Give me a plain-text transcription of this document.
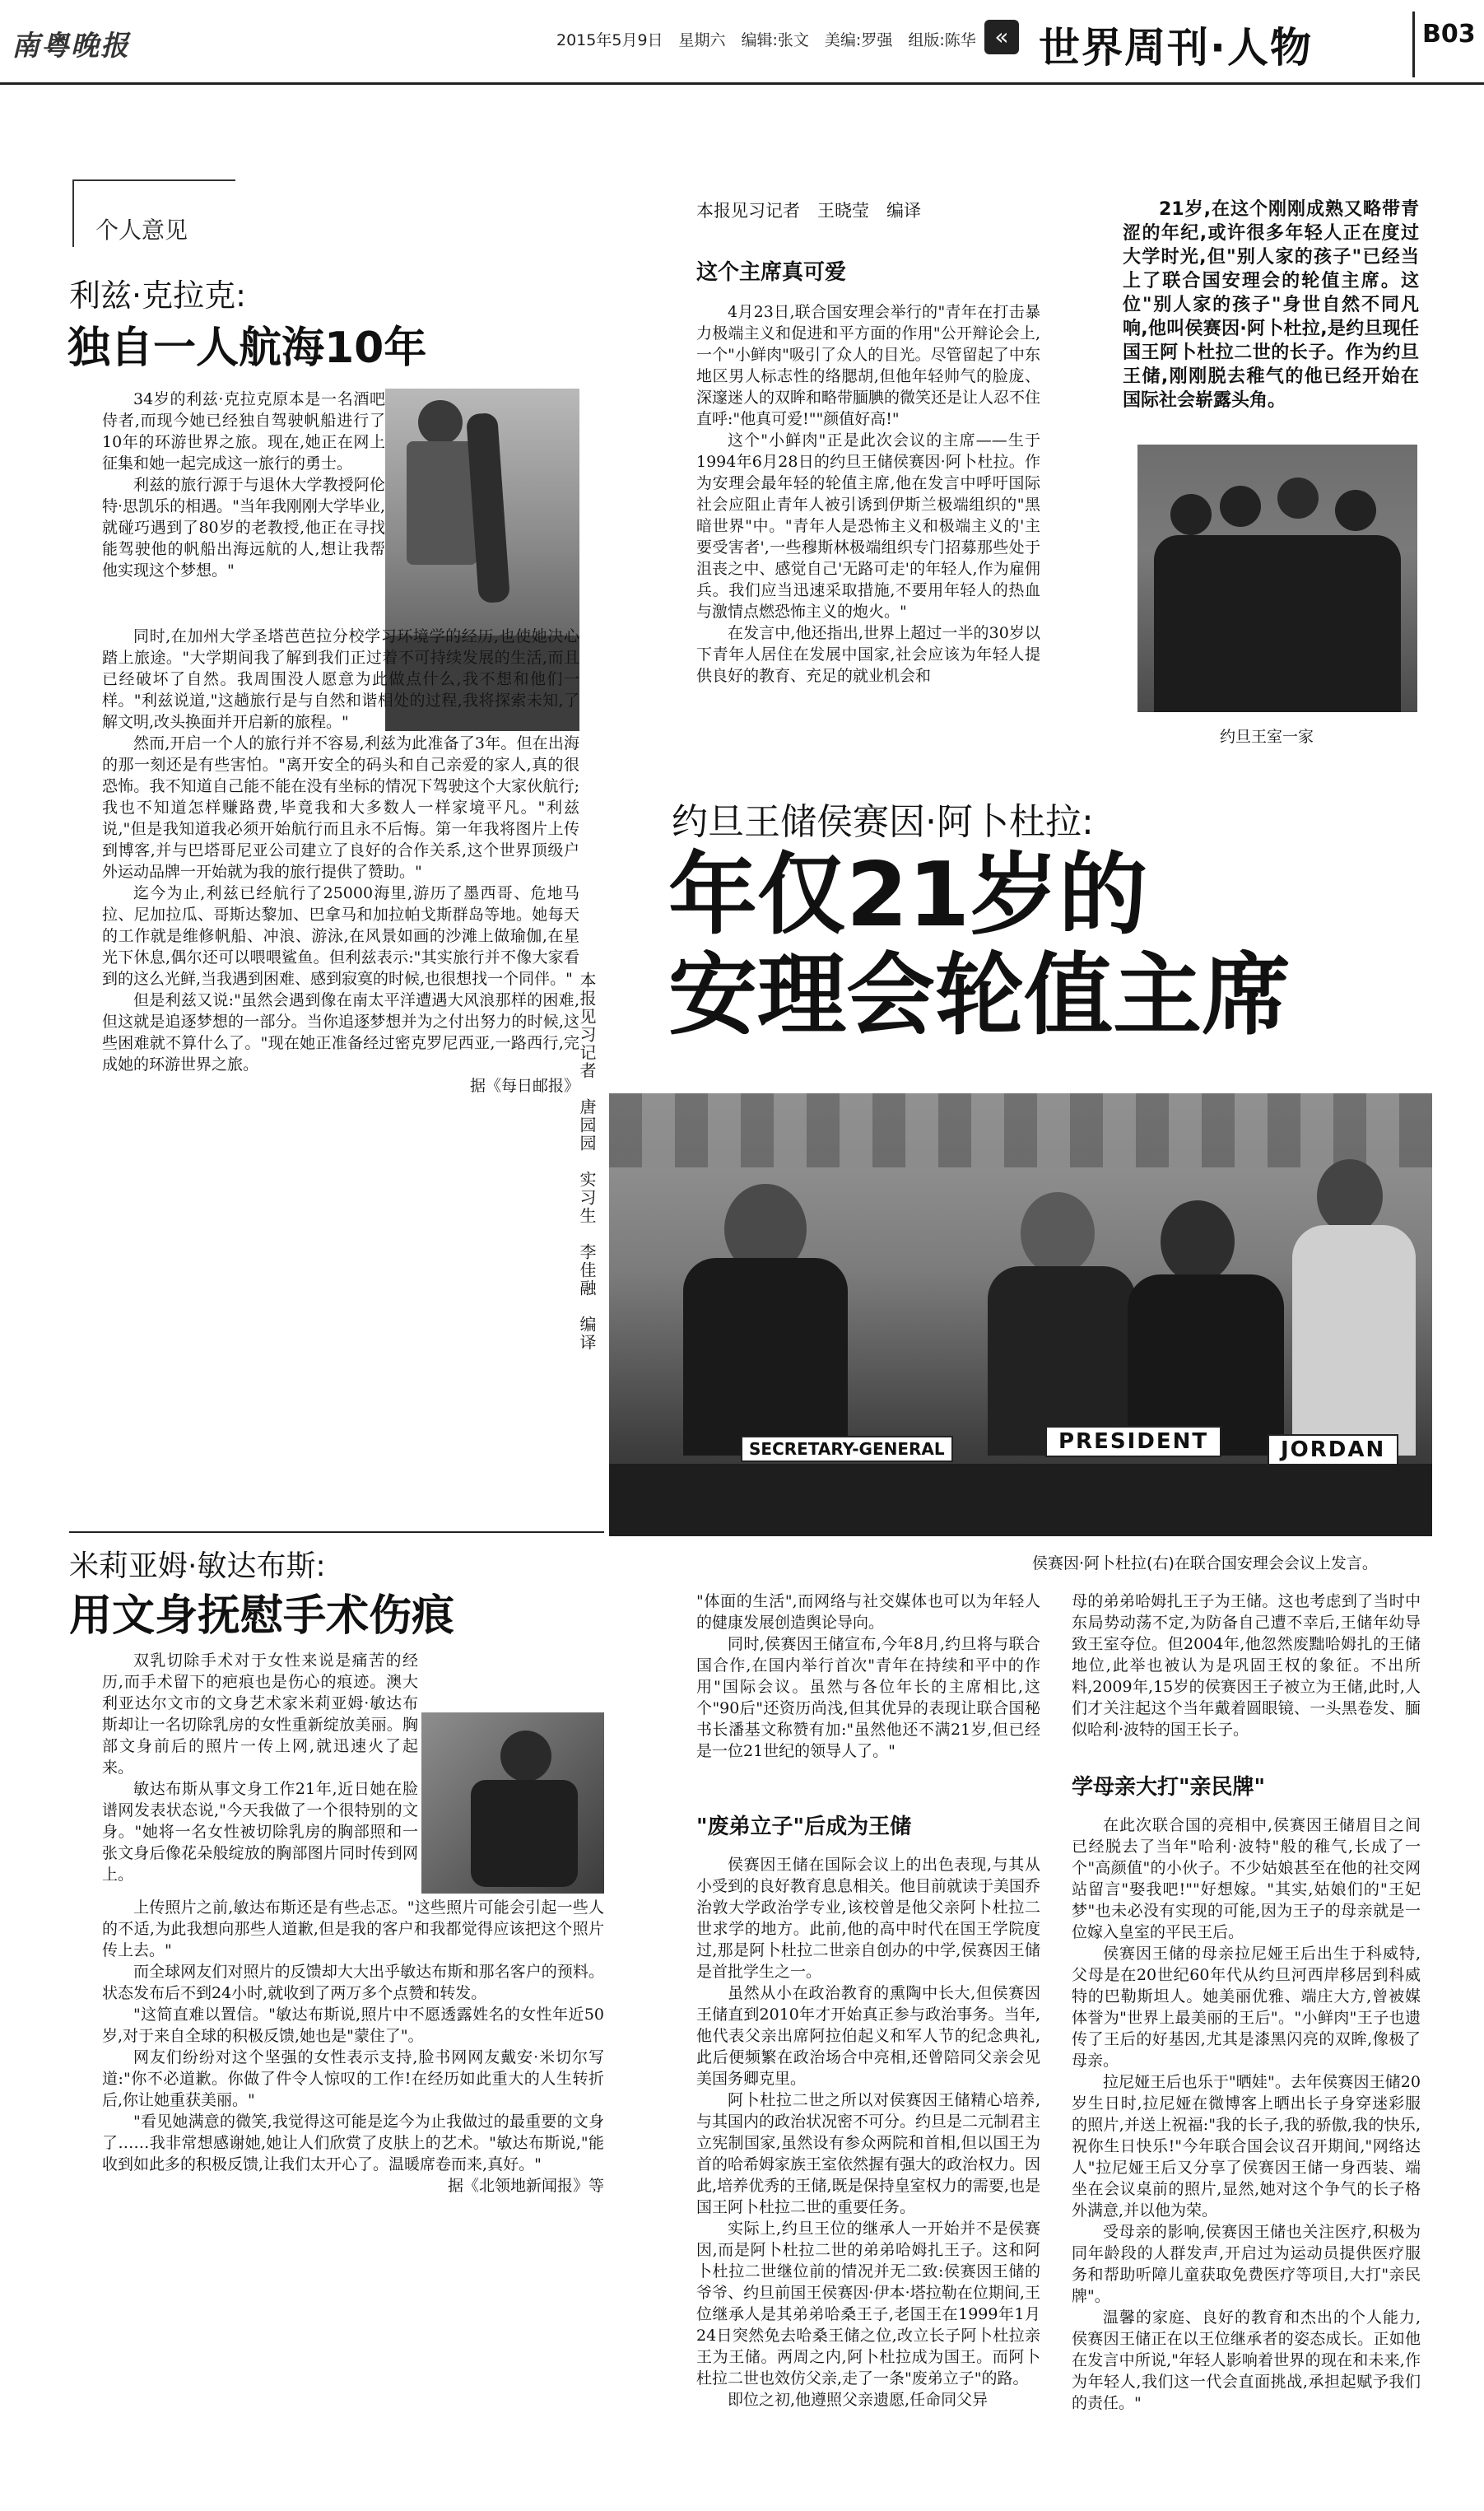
南粤晚报	2015年5月9日　星期六　编辑:张文　美编:罗强　组版:陈华 « 世界周刊·人物	B03
个人意见
利兹·克拉克:
独自一人航海10年

34岁的利兹·克拉克原本是一名酒吧侍者,而现今她已经独自驾驶帆船进行了10年的环游世界之旅。现在,她正在网上征集和她一起完成这一旅行的勇士。

利兹的旅行源于与退休大学教授阿伦特·思凯乐的相遇。"当年我刚刚大学毕业,就碰巧遇到了80岁的老教授,他正在寻找能驾驶他的帆船出海远航的人,想让我帮他实现这个梦想。"

同时,在加州大学圣塔芭芭拉分校学习环境学的经历,也使她决心踏上旅途。"大学期间我了解到我们正过着不可持续发展的生活,而且已经破坏了自然。我周围没人愿意为此做点什么,我不想和他们一样。"利兹说道,"这趟旅行是与自然和谐相处的过程,我将探索未知,了解文明,改头换面并开启新的旅程。"

然而,开启一个人的旅行并不容易,利兹为此准备了3年。但在出海的那一刻还是有些害怕。"离开安全的码头和自己亲爱的家人,真的很恐怖。我不知道自己能不能在没有坐标的情况下驾驶这个大家伙航行;我也不知道怎样赚路费,毕竟我和大多数人一样家境平凡。"利兹说,"但是我知道我必须开始航行而且永不后悔。第一年我将图片上传到博客,并与巴塔哥尼亚公司建立了良好的合作关系,这个世界顶级户外运动品牌一开始就为我的旅行提供了赞助。"

迄今为止,利兹已经航行了25000海里,游历了墨西哥、危地马拉、尼加拉瓜、哥斯达黎加、巴拿马和加拉帕戈斯群岛等地。她每天的工作就是维修帆船、冲浪、游泳,在风景如画的沙滩上做瑜伽,在星光下休息,偶尔还可以喂喂鲨鱼。但利兹表示:"其实旅行并不像大家看到的这么光鲜,当我遇到困难、感到寂寞的时候,也很想找一个同伴。"

但是利兹又说:"虽然会遇到像在南太平洋遭遇大风浪那样的困难,但这就是追逐梦想的一部分。当你追逐梦想并为之付出努力的时候,这些困难就不算什么了。"现在她正准备经过密克罗尼西亚,一路西行,完成她的环游世界之旅。

据《每日邮报》

本报见习记者　唐园园　实习生　李佳融　编译
米莉亚姆·敏达布斯:
用文身抚慰手术伤痕

双乳切除手术对于女性来说是痛苦的经历,而手术留下的疤痕也是伤心的痕迹。澳大利亚达尔文市的文身艺术家米莉亚姆·敏达布斯却让一名切除乳房的女性重新绽放美丽。胸部文身前后的照片一传上网,就迅速火了起来。

敏达布斯从事文身工作21年,近日她在脸谱网发表状态说,"今天我做了一个很特别的文身。"她将一名女性被切除乳房的胸部照和一张文身后像花朵般绽放的胸部图片同时传到网上。

上传照片之前,敏达布斯还是有些忐忑。"这些照片可能会引起一些人的不适,为此我想向那些人道歉,但是我的客户和我都觉得应该把这个照片传上去。"

而全球网友们对照片的反馈却大大出乎敏达布斯和那名客户的预料。状态发布后不到24小时,就收到了两万多个点赞和转发。

"这简直难以置信。"敏达布斯说,照片中不愿透露姓名的女性年近50岁,对于来自全球的积极反馈,她也是"蒙住了"。

网友们纷纷对这个坚强的女性表示支持,脸书网网友戴安·米切尔写道:"你不必道歉。你做了件令人惊叹的工作!在经历如此重大的人生转折后,你让她重获美丽。"

"看见她满意的微笑,我觉得这可能是迄今为止我做过的最重要的文身了……我非常想感谢她,她让人们欣赏了皮肤上的艺术。"敏达布斯说,"能收到如此多的积极反馈,让我们太开心了。温暖席卷而来,真好。"

据《北领地新闻报》等

本报见习记者　王晓莹　编译
这个主席真可爱

4月23日,联合国安理会举行的"青年在打击暴力极端主义和促进和平方面的作用"公开辩论会上,一个"小鲜肉"吸引了众人的目光。尽管留起了中东地区男人标志性的络腮胡,但他年轻帅气的脸庞、深邃迷人的双眸和略带腼腆的微笑还是让人忍不住直呼:"他真可爱!""颜值好高!"

这个"小鲜肉"正是此次会议的主席——生于1994年6月28日的约旦王储侯赛因·阿卜杜拉。作为安理会最年轻的轮值主席,他在发言中呼吁国际社会应阻止青年人被引诱到伊斯兰极端组织的"黑暗世界"中。"青年人是恐怖主义和极端主义的'主要受害者',一些穆斯林极端组织专门招募那些处于沮丧之中、感觉自己'无路可走'的年轻人,作为雇佣兵。我们应当迅速采取措施,不要用年轻人的热血与激情点燃恐怖主义的炮火。"

在发言中,他还指出,世界上超过一半的30岁以下青年人居住在发展中国家,社会应该为年轻人提供良好的教育、充足的就业机会和

21岁,在这个刚刚成熟又略带青涩的年纪,或许很多年轻人正在度过大学时光,但"别人家的孩子"已经当上了联合国安理会的轮值主席。这位"别人家的孩子"身世自然不同凡响,他叫侯赛因·阿卜杜拉,是约旦现任国王阿卜杜拉二世的长子。作为约旦王储,刚刚脱去稚气的他已经开始在国际社会崭露头角。

约旦王室一家
约旦王储侯赛因·阿卜杜拉:
年仅21岁的
安理会轮值主席
SECRETARY-GENERAL	PRESIDENT	JORDAN
侯赛因·阿卜杜拉(右)在联合国安理会会议上发言。

"体面的生活",而网络与社交媒体也可以为年轻人的健康发展创造舆论导向。

同时,侯赛因王储宣布,今年8月,约旦将与联合国合作,在国内举行首次"青年在持续和平中的作用"国际会议。虽然与各位年长的主席相比,这个"90后"还资历尚浅,但其优异的表现让联合国秘书长潘基文称赞有加:"虽然他还不满21岁,但已经是一位21世纪的领导人了。"

"废弟立子"后成为王储

侯赛因王储在国际会议上的出色表现,与其从小受到的良好教育息息相关。他目前就读于美国乔治敦大学政治学专业,该校曾是他父亲阿卜杜拉二世求学的地方。此前,他的高中时代在国王学院度过,那是阿卜杜拉二世亲自创办的中学,侯赛因王储是首批学生之一。

虽然从小在政治教育的熏陶中长大,但侯赛因王储直到2010年才开始真正参与政治事务。当年,他代表父亲出席阿拉伯起义和军人节的纪念典礼,此后便频繁在政治场合中亮相,还曾陪同父亲会见美国务卿克里。

阿卜杜拉二世之所以对侯赛因王储精心培养,与其国内的政治状况密不可分。约旦是二元制君主立宪制国家,虽然设有参众两院和首相,但以国王为首的哈希姆家族王室依然握有强大的政治权力。因此,培养优秀的王储,既是保持皇室权力的需要,也是国王阿卜杜拉二世的重要任务。

实际上,约旦王位的继承人一开始并不是侯赛因,而是阿卜杜拉二世的弟弟哈姆扎王子。这和阿卜杜拉二世继位前的情况并无二致:侯赛因王储的爷爷、约旦前国王侯赛因·伊本·塔拉勒在位期间,王位继承人是其弟弟哈桑王子,老国王在1999年1月24日突然免去哈桑王储之位,改立长子阿卜杜拉亲王为王储。两周之内,阿卜杜拉成为国王。而阿卜杜拉二世也效仿父亲,走了一条"废弟立子"的路。

即位之初,他遵照父亲遗愿,任命同父异

母的弟弟哈姆扎王子为王储。这也考虑到了当时中东局势动荡不定,为防备自己遭不幸后,王储年幼导致王室夺位。但2004年,他忽然废黜哈姆扎的王储地位,此举也被认为是巩固王权的象征。不出所料,2009年,15岁的侯赛因王子被立为王储,此时,人们才关注起这个当年戴着圆眼镜、一头黑卷发、腼似哈利·波特的国王长子。

学母亲大打"亲民牌"

在此次联合国的亮相中,侯赛因王储眉目之间已经脱去了当年"哈利·波特"般的稚气,长成了一个"高颜值"的小伙子。不少姑娘甚至在他的社交网站留言"娶我吧!""好想嫁。"其实,姑娘们的"王妃梦"也未必没有实现的可能,因为王子的母亲就是一位嫁入皇室的平民王后。

侯赛因王储的母亲拉尼娅王后出生于科威特,父母是在20世纪60年代从约旦河西岸移居到科威特的巴勒斯坦人。她美丽优雅、端庄大方,曾被媒体誉为"世界上最美丽的王后"。"小鲜肉"王子也遗传了王后的好基因,尤其是漆黑闪亮的双眸,像极了母亲。

拉尼娅王后也乐于"晒娃"。去年侯赛因王储20岁生日时,拉尼娅在微博客上晒出长子身穿迷彩服的照片,并送上祝福:"我的长子,我的骄傲,我的快乐,祝你生日快乐!"今年联合国会议召开期间,"网络达人"拉尼娅王后又分享了侯赛因王储一身西装、端坐在会议桌前的照片,显然,她对这个争气的长子格外满意,并以他为荣。

受母亲的影响,侯赛因王储也关注医疗,积极为同年龄段的人群发声,开启过为运动员提供医疗服务和帮助听障儿童获取免费医疗等项目,大打"亲民牌"。

温馨的家庭、良好的教育和杰出的个人能力,侯赛因王储正在以王位继承者的姿态成长。正如他在发言中所说,"年轻人影响着世界的现在和未来,作为年轻人,我们这一代会直面挑战,承担起赋予我们的责任。"
